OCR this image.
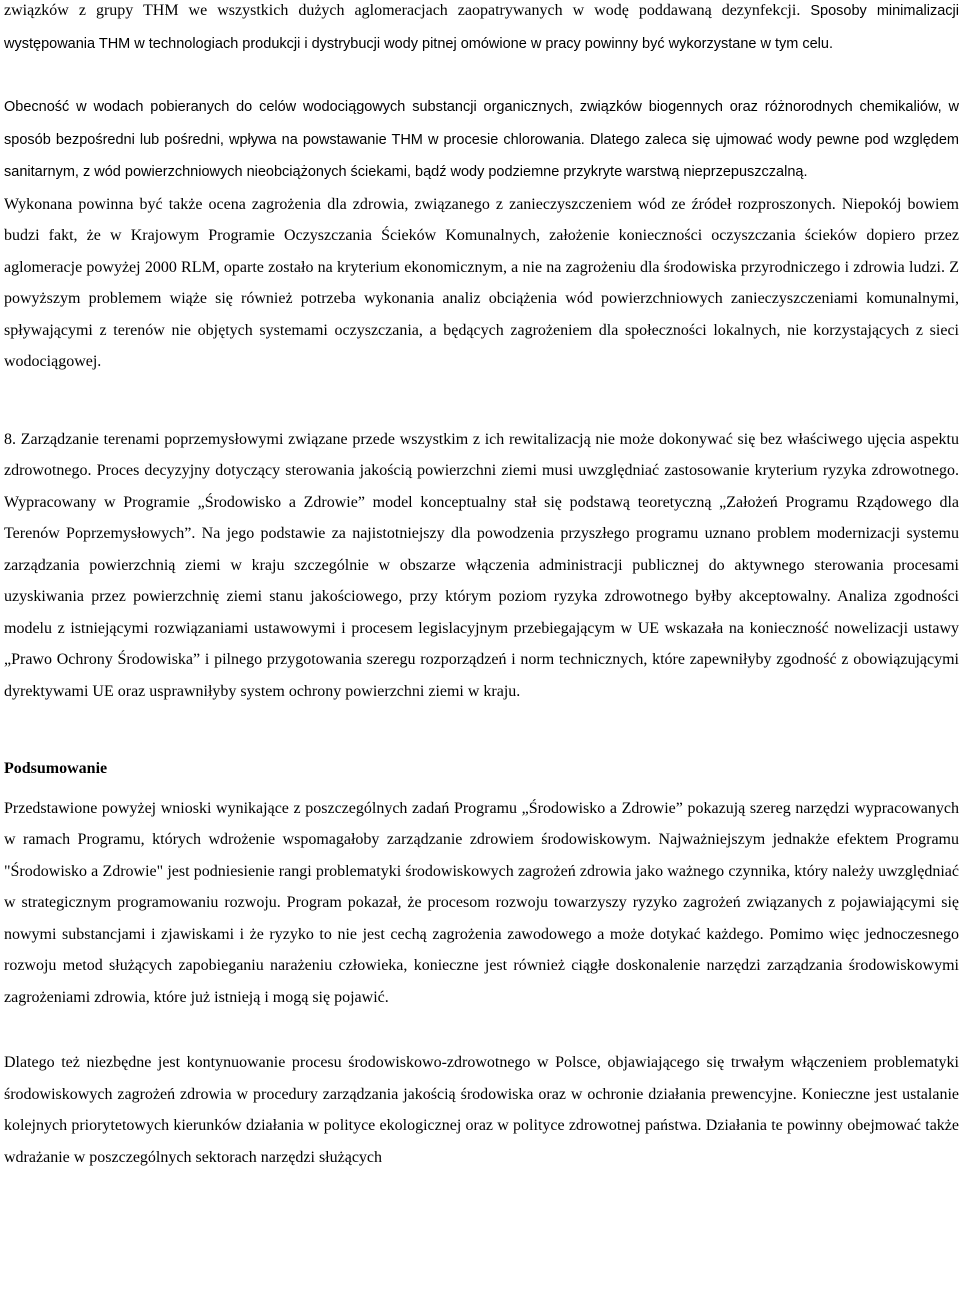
związków z grupy THM we wszystkich dużych aglomeracjach zaopatrywanych w wodę poddawaną dezynfekcji. Sposoby minimalizacji występowania THM w technologiach produkcji i dystrybucji wody pitnej omówione w pracy powinny być wykorzystane w tym celu.

Obecność w wodach pobieranych do celów wodociągowych substancji organicznych, związków biogennych oraz różnorodnych chemikaliów, w sposób bezpośredni lub pośredni, wpływa na powstawanie THM w procesie chlorowania. Dlatego zaleca się ujmować wody pewne pod względem sanitarnym, z wód powierzchniowych nieobciążonych ściekami, bądź wody podziemne przykryte warstwą nieprzepuszczalną.

Wykonana powinna być także ocena zagrożenia dla zdrowia, związanego z zanieczyszczeniem wód ze źródeł rozproszonych. Niepokój bowiem budzi fakt, że w Krajowym Programie Oczyszczania Ścieków Komunalnych, założenie konieczności oczyszczania ścieków dopiero przez aglomeracje powyżej 2000 RLM, oparte zostało na kryterium ekonomicznym, a nie na zagrożeniu dla środowiska przyrodniczego i zdrowia ludzi. Z powyższym problemem wiąże się również potrzeba wykonania analiz obciążenia wód powierzchniowych zanieczyszczeniami komunalnymi, spływającymi z terenów nie objętych systemami oczyszczania, a będących zagrożeniem dla społeczności lokalnych, nie korzystających z sieci wodociągowej.

8. Zarządzanie terenami poprzemysłowymi związane przede wszystkim z ich rewitalizacją nie może dokonywać się bez właściwego ujęcia aspektu zdrowotnego. Proces decyzyjny dotyczący sterowania jakością powierzchni ziemi musi uwzględniać zastosowanie kryterium ryzyka zdrowotnego. Wypracowany w Programie „Środowisko a Zdrowie” model konceptualny stał się podstawą teoretyczną „Założeń Programu Rządowego dla Terenów Poprzemysłowych”. Na jego podstawie za najistotniejszy dla powodzenia przyszłego programu uznano problem modernizacji systemu zarządzania powierzchnią ziemi w kraju szczególnie w obszarze włączenia administracji publicznej do aktywnego sterowania procesami uzyskiwania przez powierzchnię ziemi stanu jakościowego, przy którym poziom ryzyka zdrowotnego byłby akceptowalny. Analiza zgodności modelu z istniejącymi rozwiązaniami ustawowymi i procesem legislacyjnym przebiegającym w UE wskazała na konieczność nowelizacji ustawy „Prawo Ochrony Środowiska” i pilnego przygotowania szeregu rozporządzeń i norm technicznych, które zapewniłyby zgodność z obowiązującymi dyrektywami UE oraz usprawniłyby system ochrony powierzchni ziemi w kraju.

Podsumowanie

Przedstawione powyżej wnioski wynikające z poszczególnych zadań Programu „Środowisko a Zdrowie” pokazują szereg narzędzi wypracowanych w ramach Programu, których wdrożenie wspomagałoby zarządzanie zdrowiem środowiskowym. Najważniejszym jednakże efektem Programu "Środowisko a Zdrowie" jest podniesienie rangi problematyki środowiskowych zagrożeń zdrowia jako ważnego czynnika, który należy uwzględniać w strategicznym programowaniu rozwoju. Program pokazał, że procesom rozwoju towarzyszy ryzyko zagrożeń związanych z pojawiającymi się nowymi substancjami i zjawiskami i że ryzyko to nie jest cechą zagrożenia zawodowego a może dotykać każdego. Pomimo więc jednoczesnego rozwoju metod służących zapobieganiu narażeniu człowieka, konieczne jest również ciągłe doskonalenie narzędzi zarządzania środowiskowymi zagrożeniami zdrowia, które już istnieją i mogą się pojawić.

Dlatego też niezbędne jest kontynuowanie procesu środowiskowo-zdrowotnego w Polsce, objawiającego się trwałym włączeniem problematyki środowiskowych zagrożeń zdrowia w procedury zarządzania jakością środowiska oraz w ochronie działania prewencyjne. Konieczne jest ustalanie kolejnych priorytetowych kierunków działania w polityce ekologicznej oraz w polityce zdrowotnej państwa. Działania te powinny obejmować także wdrażanie w poszczególnych sektorach narzędzi służących
